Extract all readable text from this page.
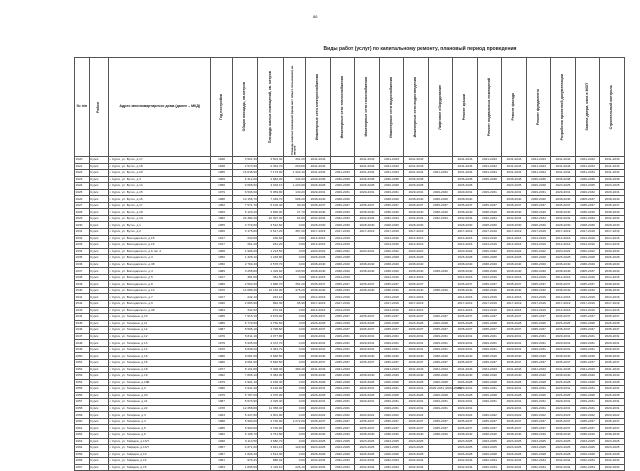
86
Виды работ (услуг) по капитальному ремонту, плановый период проведения
№ п/п	Район	Адрес многоквартирного дома (далее – МКД)	Год постройки	Общая площадь, кв.метров	Площадь жилых помещений, кв. метров	Площадь нежилых помещений (кроме мест общего пользования), кв. метров	Инженерные сети электроснабжения	Инженерные сети теплоснабжения	Инженерные сети газоснабжения	Инженерные сети водоснабжения	Инженерные сети водоотведения	Лифтовое оборудование	Ремонт крыши	Ремонт подвальных помещений	Ремонт фасада	Ремонт фундамента	Разработка проектной документации	Замена двери, окна в МОП	Строительный контроль

1620	Курск	г. Курск, ул. Бутко, д.17	1938	3 501,30	3 501,30	301,20	2041-2043		2041-2043	2041-2043	2041-2043		2041-2043	2041-2043	2041-2043	2041-2043	2041-2043	2041-2043	2041-2043
1621	Курск	г. Курск, ул. Бутко, д.18	1938	2 573,90	2 454,70	263,80	2041-2043		2041-2043	2041-2043	2041-2043		2041-2043	2041-2043	2041-2043	2041-2043	2041-2043	2041-2043	2041-2043
1622	Курск	г. Курск, ул. Бутко, д.20	1985	15 048,90	7 173,90	1 324,40	2031-2033	2031-2034	2031-2034	2031-2034	2031-2034	2031-2034	2031-2034	2031-2034	2031-2034	2031-2034	2031-2034	2031-2034	2031-2034
1623	Курск	г. Курск, ул. Бутко, д.3	1969	6 312,00	4 984,00	434,00	2036-2038	2036-2038	2036-2038	2036-2038	2036-2038		2036-2038	2036-2038	2036-2038	2036-2038	2036-2038	2036-2038	2036-2038
1624	Курск	г. Курск, ул. Бутко, д.14	1958	9 668,60	3 018,10	1 223,90	2026-2028	2026-2028	2026-2028	2026-2028	2026-2028		2026-2028		2023-2025	2026-2028	2023-2025	2023-2025	2023-2025
1625	Курск	г. Курск, ул. Бутко, д.15	1979	6 536,60	5 059,80	130,20	2029-2031	2029-2031	2029-2031	2029-2031	2029-2031	2029-2032	2029-2031	2029-2031	2029-2031	2029-2031	2029-2031	2029-2032	2029-2031
1626	Курск	г. Курск, ул. Бутко, д.16	1988	10 156,70	7 439,70	686,20	2038-2040	2038-2040		2038-2040	2038-2040	2038-2040	2038-2040		2038-2040	2038-2040	2038-2040	2005-2037	2038-2040
1627	Курск	г. Курск, ул. Бутко, д.17	1952	7 571,70	5 106,40	99,40	2035-2037	2035-2037	2035-2037	2035-2037	2035-2037	2035-2037	2035-2037	2035-2037	2035-2037	2035-2037	2035-2037	2035-2037	2035-2037
1628	Курск	г. Курск, ул. Бутко, д.18	1969	5 123,20	3 900,00	27,70	2038-2040	2038-2040	2038-2040	2038-2040	2038-2040	2038-2040	2038-2040	2038-2040	2038-2040	2038-2040	2038-2040	2038-2040	2038-2040
1629	Курск	г. Курск, ул. Бутко, д.1А	1982	24 384,20	22 307,30	61,00	2032-2034	2032-2034	2032-2034	2032-2034	2032-2034	2032-2034	2032-2034	2032-2034	2032-2034	2032-2034	2032-2034	2032-2034	2032-2034
1630	Курск	г. Курск, ул. Бутко, д.1	1955	3 779,60	3 512,60	0,00	2028-2030	2028-2030	2028-2030	2028-2030	2028-2030		2028-2030	2028-2030	2028-2030	2028-2030	2028-2030	2028-2030	2028-2030
1631	Курск	г. Курск, ул. Бутко, д.2	1956	3 175,80	2 517,20	387,20	2017-2019	2017-2019	2017-2019	2017-2019	2017-2019		2017-2019	2017-2019	2017-2019	2017-2019	2017-2019	2017-2019	2017-2019
1632	Курск	г. Курск, ул. Володарского, д.15	1917	230,60	230,60	0,00	2014-2016	2014-2016		2014-2016	2014-2016		2014-2016	2014-2016	2014-2016	2014-2016	2014-2016	2014-2016	2014-2016
1633	Курск	г. Курск, ул. Володарского, д.16	1917	261,20	261,20	0,00	2014-2016	2014-2016		2014-2016	2014-2016		2014-2016	2014-2016	2014-2016	2014-2016	2014-2016	2014-2016	2014-2016
1634	Курск	г. Курск, ул. Володарского, д.6 лит 2	1968	1 996,20	1 213,50	0,00	2020-2022	2020-2022	2020-2022	2020-2022	2020-2022		2020-2022	2020-2022	2020-2022	2020-2022	2020-2022	2020-2022	2030-2032
1635	Курск	г. Курск, ул. Володарского, д.3	1950	1 328,10	1 248,80	0,00	2026-2028	2026-2028		2026-2028	2026-2028		2026-2028	2026-2028	2026-2028	2026-2028	2026-2028	2026-2028	2026-2028
1636	Курск	г. Курск, ул. Володарского, д.38	1950	2 769,40	2 578,70	0,00	2038-2040	2038-2040	2038-2040	2038-2040	2038-2040		2038-2040	2038-2040	2038-2040	2038-2040	2038-2040	2038-2040	2038-2040
1637	Курск	г. Курск, ул. Володарского, д.4	1989	3 258,80	1 429,60	133,50	2038-2040	2038-2040	2038-2040	2038-2040	2038-2040	2038-2040	2038-2040	2038-2040	2038-2040	2038-2040	2038-2040	2005-2037	2038-2040
1638	Курск	г. Курск, ул. Володарского, д.5	1917	381,50	381,50	0,00	2014-2016	2014-2016		2014-2016	2014-2016		2014-2016	2014-2016	2014-2016	2014-2016	2014-2016	2014-2016	2014-2016
1639	Курск	г. Курск, ул. Володарского, д.8	1989	2 560,30	1 986,70	351,20	2035-2037	2035-2037	2035-2037	2035-2037	2035-2037		2035-2037	2035-2037	2035-2037	2035-2037	2035-2037	2035-2037	2038-2040
1640	Курск	г. Курск, ул. Володарского, д.10	1970	14 089,20	10 146,00	475,20	2038-2040	2038-2040	2038-2040	2038-2040	2038-2040	2038-2040	2038-2040	2038-2040	2038-2040	2038-2040	2038-2040	2038-2040	2038-2040
1641	Курск	г. Курск, ул. Володарского, д.7	1917	242,10	242,10	0,00	2014-2016	2014-2016		2014-2016	2014-2016		2014-2016	2014-2016	2014-2016	2014-2016	2014-2016	2014-2016	2014-2016
1642	Курск	г. Курск, ул. Володарского, д.9	1930	2 083,90	892,30	95,90	2017-2019	2017-2019		2017-2019	2017-2019		2017-2019	2017-2019	2017-2019	2017-2019	2017-2019	2017-2019	2017-2019
1643	Курск	г. Курск, ул. Володарского, д.38	1964	341,52	272,02	0,00	2014-2016	2014-2016		2014-2016	2014-2016		2014-2016	2014-2016	2014-2016	2014-2016	2014-2016	2014-2016	2014-2016
1644	Курск	г. Курск, ул. Гагарина, д.1б	1985	7 515,10	4 679,00	0,00	2035-2037	2035-2037	2035-2037	2035-2037	2035-2037	2026-2037	2035-2037	2035-2037	2035-2037	2035-2037	2035-2037	2035-2037	2035-2037
1645	Курск	г. Курск, ул. Гагарина, д.11	1986	6 779,60	4 750,60	0,00	2026-2028	2026-2028	2026-2028	2026-2028	2026-2028	2026-2028	2026-2028	2026-2028	2026-2028	2026-2028	2026-2028	2026-2028	2026-2028
1646	Курск	г. Курск, ул. Гагарина, д.12	1987	8 595,10	4 798,60	0,00	2035-2037	2035-2037	2035-2037	2035-2037	2035-2037	2035-2037	2035-2037	2035-2037	2035-2037	2035-2037	2035-2037	2035-2037	2035-2037
1647	Курск	г. Курск, ул. Гагарина, д.12	1976	5 811,10	4 077,80	0,00	2029-2031	2029-2031	2029-2031	2029-2031	2029-2031	2029-2031	2029-2031	2029-2031	2029-2031	2029-2031	2029-2031	2029-2031	2029-2031
1648	Курск	г. Курск, ул. Гагарина, д.13	1979	5 935,60	4 472,70	0,00	2029-2031	2029-2031	2029-2031	2029-2031	2029-2031	2029-2031	2029-2031	2029-2031	2029-2031	2029-2031	2029-2031	2029-2031	2029-2031
1649	Курск	г. Курск, ул. Гагарина, д.14	1970	5 838,20	4 481,70	0,00	2029-2031	2029-2031	2029-2031	2029-2031	2029-2031	2029-2031	2029-2031	2029-2031	2029-2031	2029-2031	2029-2031	2029-2031	2029-2031
1650	Курск	г. Курск, ул. Гагарина, д.15	1980	9 081,50	5 848,50	0,00	2038-2040	2038-2040	2038-2040	2038-2040	2038-2040	2038-2040	2038-2040	2038-2040	2038-2040	2038-2040	2038-2040	2038-2040	2038-2040
1651	Курск	г. Курск, ул. Гагарина, д.16	1980	9 081,50	5 848,50	0,00	2035-2037	2035-2037	2035-2037	2035-2037	2035-2037	2035-2037	2035-2037	2035-2037	2035-2037	2035-2037	2035-2037	2035-2037	2035-2037
1652	Курск	г. Курск, ул. Гагарина, д.18	1977	8 131,80	5 408,30	483,40	2041-2043	2041-2043		2041-2043	2041-2043	2041-2043	2041-2043	2041-2043	2041-2043	2041-2043	2041-2043	2041-2043	2041-2043
1653	Курск	г. Курск, ул. Гагарина, д.19	1962	7 806,10	5 484,00	0,00	2038-2040	2038-2040	2038-2040	2038-2040	2038-2040	2038-2040	2038-2040	2038-2040	2038-2040	2038-2040	2038-2040	2038-2040	2038-2040
1654	Курск	г. Курск, ул. Гагарина, д.19Б	1979	4 901,10	4 156,30	0,00	2026-2028	2026-2028	2026-2028	2026-2028	2026-2028	2026-2028	2026-2028	2026-2028	2026-2028	2026-2028	2026-2028	2026-2028	2026-2028
1655	Курск	г. Курск, ул. Гагарина, д.2	1990	4 941,40	4 126,00	0,00	2029-2031	2029-2031	2029-2031	2029-2031	2029-2031	2029-2031 (2023-2025)	2029-2031	2029-2031	2029-2031	2029-2031	2029-2031	2029-2031	2029-2031
1656	Курск	г. Курск, ул. Гагарина, д.20	1975	5 787,00	4 376,00	0,00	2026-2028	2026-2028	2026-2028	2026-2028	2026-2028	2026-2028	2026-2028	2026-2028	2026-2028	2026-2028	2026-2028	2026-2028	2026-2028
1657	Курск	г. Курск, ул. Гагарина, д.21	1987	5 673,90	4 425,40	0,00	2029-2031	2029-2031	2029-2031	2029-2031	2029-2031	2029-2031	2029-2031	2029-2031	2029-2031	2029-2031	2029-2031	2029-2031	2029-2031
1658	Курск	г. Курск, ул. Гагарина, д.22	1978	12 258,80	11 358,40	0,00	2029-2031	2029-2031		2029-2031	2029-2031	2029-2031	2029-2031		2029-2031	2029-2031	2029-2031	2029-2031	2029-2031
1659	Курск	г. Курск, ул. Гагарина, д.3	1963	5 447,80	4 001,00	0,00	2020-2022	2020-2022	2020-2022	2020-2022	2020-2022		2020-2022	2020-2022	2020-2022	2020-2022	2020-2022	2020-2022	2020-2022
1660	Курск	г. Курск, ул. Гагарина, д.4	1988	5 990,60	4 736,90	2 272,60	2035-2037	2035-2037	2035-2037	2035-2037	2035-2037	2035-2037	2035-2037	2035-2037	2035-2037	2035-2037	2035-2037	2035-2037	2035-2037
1661	Курск	г. Курск, ул. Гагарина, д.5	1985	5 990,60	4 736,90	0,00	2035-2037	2035-2037	2035-2037	2035-2037	2035-2037	2035-2037	2035-2037	2035-2037	2035-2037	2035-2037	2035-2037	2035-2037	2035-2037
1662	Курск	г. Курск, ул. Гагарина, д.6	1982	6 108,70	4 761,80	0,00	2038-2040	2038-2040	2038-2040	2038-2040	2038-2040	2038-2040	2038-2040	2038-2040	2038-2040	2038-2040	2038-2040	2038-2040	2038-2040
1663	Курск	г. Курск, ул. Гайдара, д.13/7	1968	6 113,50	4 680,70	0,00	2023-2025	2023-2025	2023-2025	2023-2025	2023-2025		2023-2025	2023-2025	2023-2025	2023-2025	2023-2025	2023-2025	2023-2025
1664	Курск	г. Курск, ул. Гайдара, д.13/7	1957	4 271,60	3 841,10	129,30	2023-2025	2023-2025	2023-2025	2023-2025	2023-2025		2023-2025	2023-2025	2023-2025	2023-2025	2023-2025	2023-2025	2023-2025
1665	Курск	г. Курск, ул. Гайдара, д.13	1957	1 826,40	1 514,30	0,00	2026-2028	2026-2028	2026-2028	2026-2028	2026-2028		2026-2028	2026-2028	2026-2028	2026-2028	2026-2028	2026-2028	2026-2028
1666	Курск	г. Курск, ул. Гайдара, д.14	1951	979,41	886,02	0,00	2032-2034	2032-2034	2032-2034	2032-2034	2032-2034		2032-2034	2032-2034	2032-2034	2032-2034	2032-2034	2032-2034	2032-2034
1667	Курск	г. Курск, ул. Гайдара, д.15	1954	1 805,60	1 116,10	225,10	2032-2034	2032-2034	2032-2034	2032-2034	2032-2034		2032-2034	2032-2034	2032-2034	2032-2034	2032-2034	2032-2034	2032-2034
